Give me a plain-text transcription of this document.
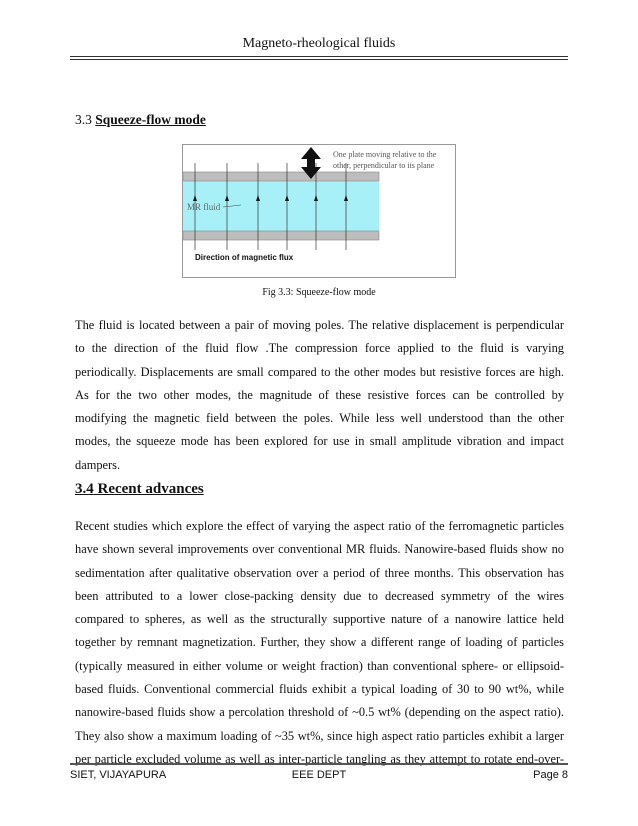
Magneto-rheological fluids
3.3 Squeeze-flow mode
MR fluid
One plate moving relative to the
other, perpendicular to its plane
Direction of magnetic flux
Fig 3.3: Squeeze-flow mode
The fluid is located between a pair of moving poles. The relative displacement is perpendicular
to the direction of the fluid flow .The compression force applied to the fluid is varying
periodically. Displacements are small compared to the other modes but resistive forces are high.
As for the two other modes, the magnitude of these resistive forces can be controlled by
modifying the magnetic field between the poles. While less well understood than the other
modes, the squeeze mode has been explored for use in small amplitude vibration and impact
dampers.
3.4 Recent advances
Recent studies which explore the effect of varying the aspect ratio of the ferromagnetic particles
have shown several improvements over conventional MR fluids. Nanowire-based fluids show no
sedimentation after qualitative observation over a period of three months. This observation has
been attributed to a lower close-packing density due to decreased symmetry of the wires
compared to spheres, as well as the structurally supportive nature of a nanowire lattice held
together by remnant magnetization. Further, they show a different range of loading of particles
(typically measured in either volume or weight fraction) than conventional sphere- or ellipsoid-
based fluids. Conventional commercial fluids exhibit a typical loading of 30 to 90 wt%, while
nanowire-based fluids show a percolation threshold of ~0.5 wt% (depending on the aspect ratio).
They also show a maximum loading of ~35 wt%, since high aspect ratio particles exhibit a larger
per particle excluded volume as well as inter-particle tangling as they attempt to rotate end-over-
SIET, VIJAYAPURA	EEE DEPT	Page 8
